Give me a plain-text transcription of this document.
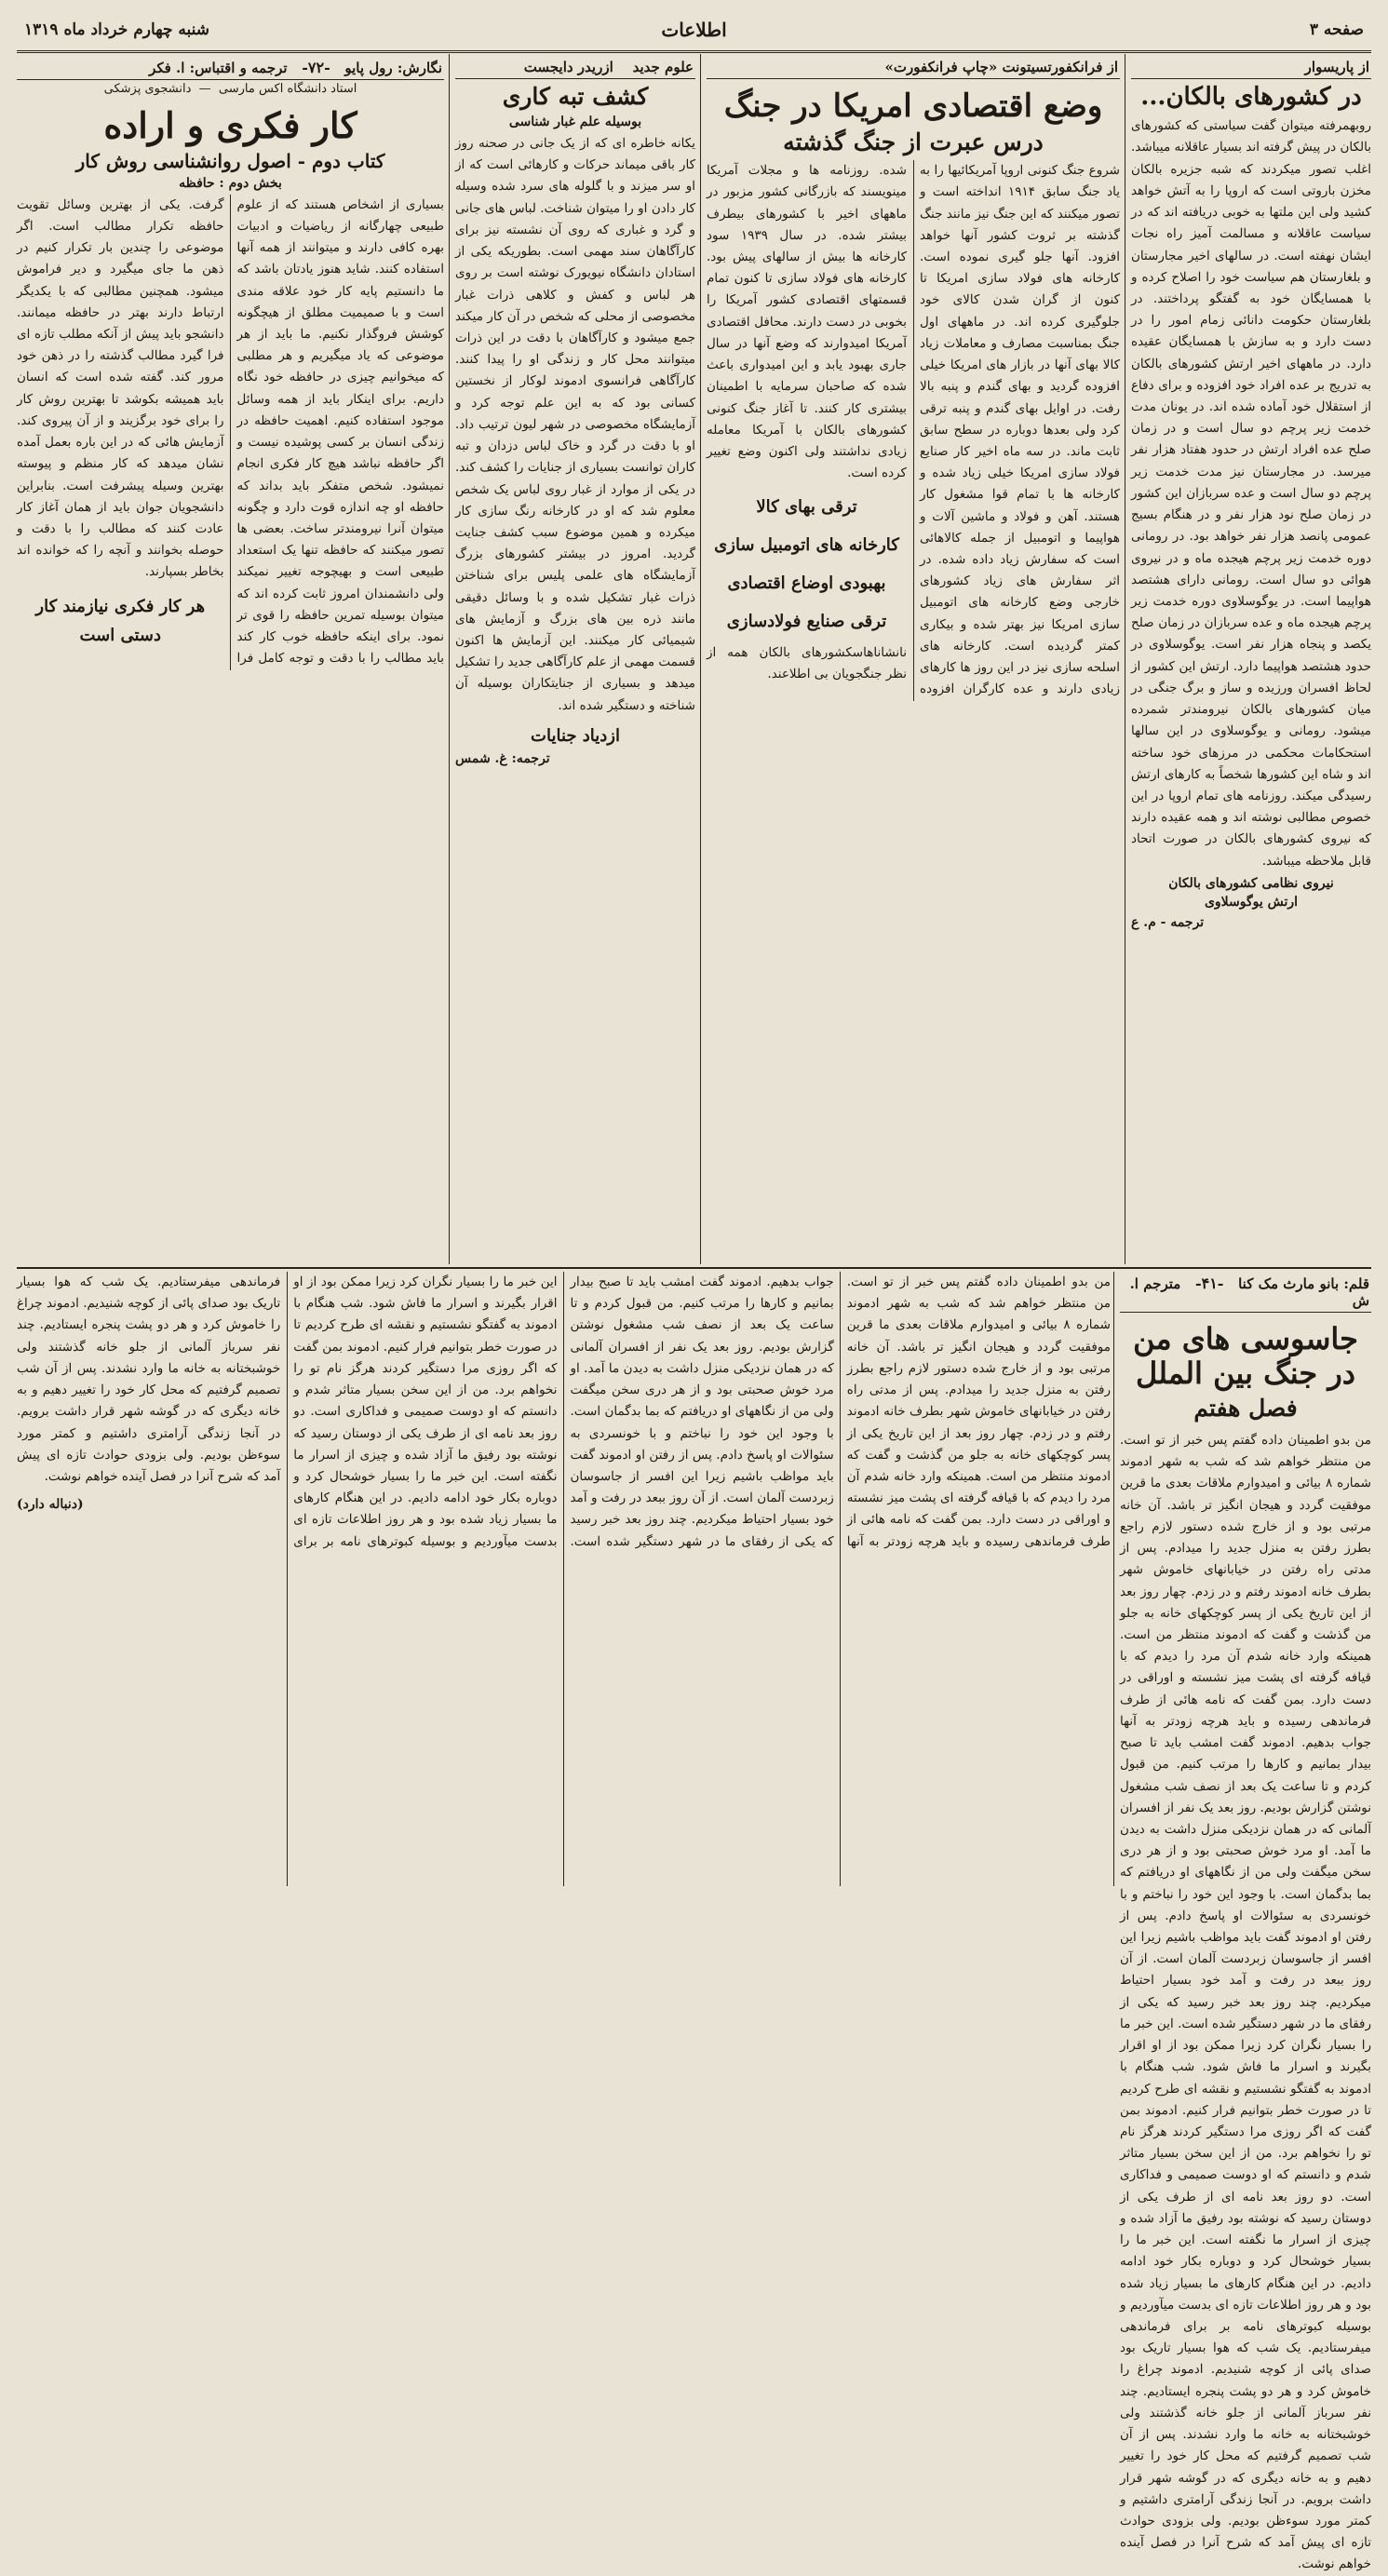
صفحه ۳
اطلاعات
شنبه چهارم خرداد ماه ۱۳۱۹
از پاریسوار
در کشورهای بالکان...
روبهمرفته میتوان گفت سیاستی که کشورهای بالکان در پیش گرفته اند بسیار عاقلانه میباشد. اغلب تصور میکردند که شبه جزیره بالکان مخزن باروتی است که اروپا را به آتش خواهد کشید ولی این ملتها به خوبی دریافته اند که در سیاست عاقلانه و مسالمت آمیز راه نجات ایشان نهفته است. در سالهای اخیر مجارستان و بلغارستان هم سیاست خود را اصلاح کرده و با همسایگان خود به گفتگو پرداختند. در بلغارستان حکومت دانائی زمام امور را در دست دارد و به سازش با همسایگان عقیده دارد. در ماههای اخیر ارتش کشورهای بالکان به تدریج بر عده افراد خود افزوده و برای دفاع از استقلال خود آماده شده اند. در یونان مدت خدمت زیر پرچم دو سال است و در زمان صلح عده افراد ارتش در حدود هفتاد هزار نفر میرسد. در مجارستان نیز مدت خدمت زیر پرچم دو سال است و عده سربازان این کشور در زمان صلح نود هزار نفر و در هنگام بسیج عمومی پانصد هزار نفر خواهد بود. در رومانی دوره خدمت زیر پرچم هیجده ماه و در نیروی هوائی دو سال است. رومانی دارای هشتصد هواپیما است. در یوگوسلاوی دوره خدمت زیر پرچم هیجده ماه و عده سربازان در زمان صلح یکصد و پنجاه هزار نفر است. یوگوسلاوی در حدود هشتصد هواپیما دارد. ارتش این کشور از لحاظ افسران ورزیده و ساز و برگ جنگی در میان کشورهای بالکان نیرومندتر شمرده میشود. رومانی و یوگوسلاوی در این سالها استحکامات محکمی در مرزهای خود ساخته اند و شاه این کشورها شخصاً به کارهای ارتش رسیدگی میکند. روزنامه های تمام اروپا در این خصوص مطالبی نوشته اند و همه عقیده دارند که نیروی کشورهای بالکان در صورت اتحاد قابل ملاحظه میباشد.
نیروی نظامی کشورهای بالکان
ارتش یوگوسلاوی
ترجمه - م. ع
از فرانکفورتسیتونت «چاپ فرانکفورت»
وضع اقتصادی امریکا در جنگ
درس عبرت از جنگ گذشته

شروع جنگ کنونی اروپا آمریکائیها را به یاد جنگ سابق ۱۹۱۴ انداخته است و تصور میکنند که این جنگ نیز مانند جنگ گذشته بر ثروت کشور آنها خواهد افزود. آنها جلو گیری نموده است. کارخانه های فولاد سازی امریکا تا کنون از گران شدن کالای خود جلوگیری کرده اند. در ماههای اول جنگ بمناسبت مصارف و معاملات زیاد کالا بهای آنها در بازار های امریکا خیلی افزوده گردید و بهای گندم و پنبه بالا رفت. در اوایل بهای گندم و پنبه ترقی کرد ولی بعدها دوباره در سطح سابق ثابت ماند. در سه ماه اخیر کار صنایع فولاد سازی امریکا خیلی زیاد شده و کارخانه ها با تمام قوا مشغول کار هستند. آهن و فولاد و ماشین آلات و هواپیما و اتومبیل از جمله کالاهائی است که سفارش زیاد داده شده. در اثر سفارش های زیاد کشورهای خارجی وضع کارخانه های اتومبیل سازی امریکا نیز بهتر شده و بیکاری کمتر گردیده است. کارخانه های اسلحه سازی نیز در این روز ها کارهای زیادی دارند و عده کارگران افزوده شده. روزنامه ها و مجلات آمریکا مینویسند که بازرگانی کشور مزبور در ماههای اخیر با کشورهای بیطرف بیشتر شده. در سال ۱۹۳۹ سود کارخانه ها بیش از سالهای پیش بود. کارخانه های فولاد سازی تا کنون تمام قسمتهای اقتصادی کشور آمریکا را بخوبی در دست دارند. محافل اقتصادی آمریکا امیدوارند که وضع آنها در سال جاری بهبود یابد و این امیدواری باعث شده که صاحبان سرمایه با اطمینان بیشتری کار کنند. تا آغاز جنگ کنونی کشورهای بالکان با آمریکا معامله زیادی نداشتند ولی اکنون وضع تغییر کرده است.

ترقی بهای کالا
کارخانه های اتومبیل سازی
بهبودی اوضاع اقتصادی
ترقی صنایع فولادسازی

نانشاناهاسکشورهای بالکان همه از نظر جنگجویان بی اطلاعند.

علوم جدید    ازریدر دایجست
کشف تبه کاری
بوسیله علم غبار شناسی
یکانه خاطره ای که از یک جانی در صحنه روز کار باقی میماند حرکات و کارهائی است که از او سر میزند و با گلوله های سرد شده وسیله کار دادن او را میتوان شناخت. لباس های جانی و گرد و غباری که روی آن نشسته نیز برای کارآگاهان سند مهمی است. بطوریکه یکی از استادان دانشگاه نیویورک نوشته است بر روی هر لباس و کفش و کلاهی ذرات غبار مخصوصی از محلی که شخص در آن کار میکند جمع میشود و کارآگاهان با دقت در این ذرات میتوانند محل کار و زندگی او را پیدا کنند. کارآگاهی فرانسوی ادموند لوکار از نخستین کسانی بود که به این علم توجه کرد و آزمایشگاه مخصوصی در شهر لیون ترتیب داد. او با دقت در گرد و خاک لباس دزدان و تبه کاران توانست بسیاری از جنایات را کشف کند. در یکی از موارد از غبار روی لباس یک شخص معلوم شد که او در کارخانه رنگ سازی کار میکرده و همین موضوع سبب کشف جنایت گردید. امروز در بیشتر کشورهای بزرگ آزمایشگاه های علمی پلیس برای شناختن ذرات غبار تشکیل شده و با وسائل دقیقی مانند ذره بین های بزرگ و آزمایش های شیمیائی کار میکنند. این آزمایش ها اکنون قسمت مهمی از علم کارآگاهی جدید را تشکیل میدهد و بسیاری از جنایتکاران بوسیله آن شناخته و دستگیر شده اند.
ازدیاد جنایات
ترجمه: غ. شمس
نگارش: رول پایو   -۷۲-   ترجمه و اقتباس: ا. فکر
استاد دانشگاه اکس مارسی  —  دانشجوی پزشکی
کار فکری و اراده
کتاب دوم - اصول روانشناسی روش کار
بخش دوم : حافظه

بسیاری از اشخاص هستند که از علوم طبیعی چهارگانه از ریاضیات و ادبیات بهره کافی دارند و میتوانند از همه آنها استفاده کنند. شاید هنوز یادتان باشد که ما دانستیم پایه کار خود علاقه مندی است و با صمیمیت مطلق از هیچگونه کوشش فروگذار نکنیم. ما باید از هر موضوعی که یاد میگیریم و هر مطلبی که میخوانیم چیزی در حافظه خود نگاه داریم. برای اینکار باید از همه وسائل موجود استفاده کنیم. اهمیت حافظه در زندگی انسان بر کسی پوشیده نیست و اگر حافظه نباشد هیچ کار فکری انجام نمیشود. شخص متفکر باید بداند که حافظه او چه اندازه قوت دارد و چگونه میتوان آنرا نیرومندتر ساخت. بعضی ها تصور میکنند که حافظه تنها یک استعداد طبیعی است و بهیچوجه تغییر نمیکند ولی دانشمندان امروز ثابت کرده اند که میتوان بوسیله تمرین حافظه را قوی تر نمود. برای اینکه حافظه خوب کار کند باید مطالب را با دقت و توجه کامل فرا گرفت. یکی از بهترین وسائل تقویت حافظه تکرار مطالب است. اگر موضوعی را چندین بار تکرار کنیم در ذهن ما جای میگیرد و دیر فراموش میشود. همچنین مطالبی که با یکدیگر ارتباط دارند بهتر در حافظه میمانند. دانشجو باید پیش از آنکه مطلب تازه ای فرا گیرد مطالب گذشته را در ذهن خود مرور کند. گفته شده است که انسان باید همیشه بکوشد تا بهترین روش کار را برای خود برگزیند و از آن پیروی کند. آزمایش هائی که در این باره بعمل آمده نشان میدهد که کار منظم و پیوسته بهترین وسیله پیشرفت است. بنابراین دانشجویان جوان باید از همان آغاز کار عادت کنند که مطالب را با دقت و حوصله بخوانند و آنچه را که خوانده اند بخاطر بسپارند.

هر کار فکری نیازمند کار دستی است
قلم: بانو مارث مک کنا   -۴۱-   مترجم ا. ش
جاسوسی های من در جنگ بین الملل
فصل هفتم

من بدو اطمینان داده گفتم پس خبر از تو است. من منتظر خواهم شد که شب به شهر ادموند شماره ۸ بیائی و امیدوارم ملاقات بعدی ما قرین موفقیت گردد و هیجان انگیز تر باشد. آن خانه مرتبی بود و از خارج شده دستور لازم راجع بطرز رفتن به منزل جدید را میدادم. پس از مدتی راه رفتن در خیابانهای خاموش شهر بطرف خانه ادموند رفتم و در زدم. چهار روز بعد از این تاریخ یکی از پسر کوچکهای خانه به جلو من گذشت و گفت که ادموند منتظر من است. همینکه وارد خانه شدم آن مرد را دیدم که با قیافه گرفته ای پشت میز نشسته و اوراقی در دست دارد. بمن گفت که نامه هائی از طرف فرماندهی رسیده و باید هرچه زودتر به آنها جواب بدهیم. ادموند گفت امشب باید تا صبح بیدار بمانیم و کارها را مرتب کنیم. من قبول کردم و تا ساعت یک بعد از نصف شب مشغول نوشتن گزارش بودیم. روز بعد یک نفر از افسران آلمانی که در همان نزدیکی منزل داشت به دیدن ما آمد. او مرد خوش صحبتی بود و از هر دری سخن میگفت ولی من از نگاههای او دریافتم که بما بدگمان است. با وجود این خود را نباختم و با خونسردی به سئوالات او پاسخ دادم. پس از رفتن او ادموند گفت باید مواظب باشیم زیرا این افسر از جاسوسان زبردست آلمان است. از آن روز ببعد در رفت و آمد خود بسیار احتیاط میکردیم. چند روز بعد خبر رسید که یکی از رفقای ما در شهر دستگیر شده است. این خبر ما را بسیار نگران کرد زیرا ممکن بود از او اقرار بگیرند و اسرار ما فاش شود. شب هنگام با ادموند به گفتگو نشستیم و نقشه ای طرح کردیم تا در صورت خطر بتوانیم فرار کنیم. ادموند بمن گفت که اگر روزی مرا دستگیر کردند هرگز نام تو را نخواهم برد. من از این سخن بسیار متاثر شدم و دانستم که او دوست صمیمی و فداکاری است. دو روز بعد نامه ای از طرف یکی از دوستان رسید که نوشته بود رفیق ما آزاد شده و چیزی از اسرار ما نگفته است. این خبر ما را بسیار خوشحال کرد و دوباره بکار خود ادامه دادیم. در این هنگام کارهای ما بسیار زیاد شده بود و هر روز اطلاعات تازه ای بدست میآوردیم و بوسیله کبوترهای نامه بر برای فرماندهی میفرستادیم. یک شب که هوا بسیار تاریک بود صدای پائی از کوچه شنیدیم. ادموند چراغ را خاموش کرد و هر دو پشت پنجره ایستادیم. چند نفر سرباز آلمانی از جلو خانه گذشتند ولی خوشبختانه به خانه ما وارد نشدند. پس از آن شب تصمیم گرفتیم که محل کار خود را تغییر دهیم و به خانه دیگری که در گوشه شهر قرار داشت برویم. در آنجا زندگی آرامتری داشتیم و کمتر مورد سوءظن بودیم. ولی بزودی حوادث تازه ای پیش آمد که شرح آنرا در فصل آینده خواهم نوشت.

من بدو اطمینان داده گفتم پس خبر از تو است. من منتظر خواهم شد که شب به شهر ادموند شماره ۸ بیائی و امیدوارم ملاقات بعدی ما قرین موفقیت گردد و هیجان انگیز تر باشد. آن خانه مرتبی بود و از خارج شده دستور لازم راجع بطرز رفتن به منزل جدید را میدادم. پس از مدتی راه رفتن در خیابانهای خاموش شهر بطرف خانه ادموند رفتم و در زدم. چهار روز بعد از این تاریخ یکی از پسر کوچکهای خانه به جلو من گذشت و گفت که ادموند منتظر من است. همینکه وارد خانه شدم آن مرد را دیدم که با قیافه گرفته ای پشت میز نشسته و اوراقی در دست دارد. بمن گفت که نامه هائی از طرف فرماندهی رسیده و باید هرچه زودتر به آنها جواب بدهیم. ادموند گفت امشب باید تا صبح بیدار بمانیم و کارها را مرتب کنیم. من قبول کردم و تا ساعت یک بعد از نصف شب مشغول نوشتن گزارش بودیم. روز بعد یک نفر از افسران آلمانی که در همان نزدیکی منزل داشت به دیدن ما آمد. او مرد خوش صحبتی بود و از هر دری سخن میگفت ولی من از نگاههای او دریافتم که بما بدگمان است. با وجود این خود را نباختم و با خونسردی به سئوالات او پاسخ دادم. پس از رفتن او ادموند گفت باید مواظب باشیم زیرا این افسر از جاسوسان زبردست آلمان است. از آن روز ببعد در رفت و آمد خود بسیار احتیاط میکردیم. چند روز بعد خبر رسید که یکی از رفقای ما در شهر دستگیر شده است. این خبر ما را بسیار نگران کرد زیرا ممکن بود از او اقرار بگیرند و اسرار ما فاش شود. شب هنگام با ادموند به گفتگو نشستیم و نقشه ای طرح کردیم تا در صورت خطر بتوانیم فرار کنیم. ادموند بمن گفت که اگر روزی مرا دستگیر کردند هرگز نام تو را نخواهم برد. من از این سخن بسیار متاثر شدم و دانستم که او دوست صمیمی و فداکاری است. دو روز بعد نامه ای از طرف یکی از دوستان رسید که نوشته بود رفیق ما آزاد شده و چیزی از اسرار ما نگفته است. این خبر ما را بسیار خوشحال کرد و دوباره بکار خود ادامه دادیم. در این هنگام کارهای ما بسیار زیاد شده بود و هر روز اطلاعات تازه ای بدست میآوردیم و بوسیله کبوترهای نامه بر برای فرماندهی میفرستادیم. یک شب که هوا بسیار تاریک بود صدای پائی از کوچه شنیدیم. ادموند چراغ را خاموش کرد و هر دو پشت پنجره ایستادیم. چند نفر سرباز آلمانی از جلو خانه گذشتند ولی خوشبختانه به خانه ما وارد نشدند. پس از آن شب تصمیم گرفتیم که محل کار خود را تغییر دهیم و به خانه دیگری که در گوشه شهر قرار داشت برویم. در آنجا زندگی آرامتری داشتیم و کمتر مورد سوءظن بودیم. ولی بزودی حوادث تازه ای پیش آمد که شرح آنرا در فصل آینده خواهم نوشت.

(دنباله دارد)
